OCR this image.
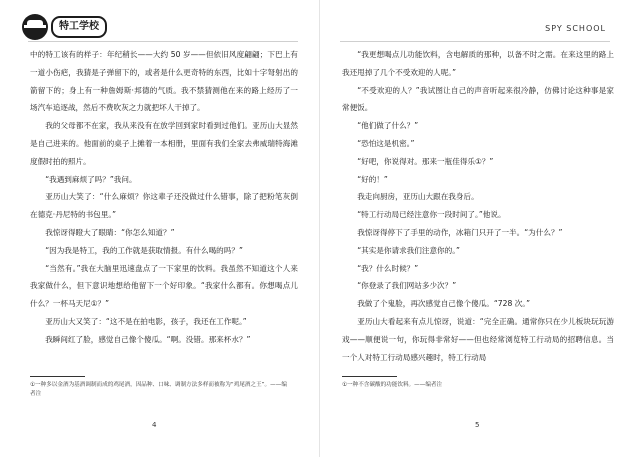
特工学校

中的特工该有的样子：年纪稍长——大约 50 岁——但依旧风度翩翩；下巴上有一道小伤疤，我猜是子弹留下的，或者是什么更奇特的东西，比如十字弩射出的箭留下的；身上有一种詹姆斯·邦德的气质。我不禁猜测他在来的路上经历了一场汽车追逐战，然后不费吹灰之力就把坏人干掉了。

我的父母都不在家，我从来没有在放学回到家时看到过他们。亚历山大显然是自己进来的。他面前的桌子上摊着一本相册，里面有我们全家去弗威瑞特海滩度假时拍的照片。

“我遇到麻烦了吗？”我问。

亚历山大笑了：“什么麻烦？你这辈子还没做过什么错事，除了把粉笔灰倒在德克·丹尼特的书包里。”

我惊讶得瞪大了眼睛：“你怎么知道？”

“因为我是特工，我的工作就是获取情报。有什么喝的吗？”

“当然有。”我在大脑里迅速盘点了一下家里的饮料。我虽然不知道这个人来我家做什么，但下意识地想给他留下一个好印象。“我家什么都有。你想喝点儿什么？一杯马天尼①？”

亚历山大又笑了：“这不是在拍电影，孩子，我还在工作呢。”

我瞬间红了脸，感觉自己像个傻瓜。“啊。没错。那来杯水？”

①一种多以金酒为基酒调制而成的鸡尾酒，因品种、口味、调制方法多样而被称为“鸡尾酒之王”。——编者注
4
SPY SCHOOL

“我更想喝点儿功能饮料，含电解质的那种，以备不时之需。在来这里的路上我还甩掉了几个不受欢迎的人呢。”

“不受欢迎的人？”我试图让自己的声音听起来很冷静，仿佛讨论这种事是家常便饭。

“他们做了什么？”

“恐怕这是机密。”

“好吧，你说得对。那来一瓶佳得乐①？”

“好的！”

我走向厨房，亚历山大跟在我身后。

“特工行动局已经注意你一段时间了。”他说。

我惊讶得停下了手里的动作，冰箱门只开了一半。“为什么？”

“其实是你请求我们注意你的。”

“我？什么时候？”

“你登录了我们网站多少次？”

我做了个鬼脸，再次感觉自己像个傻瓜。“728 次。”

亚历山大看起来有点儿惊讶，说道：“完全正确。通常你只在少儿板块玩玩游戏——顺便说一句，你玩得非常好——但也经常浏览特工行动局的招聘信息。当一个人对特工行动局感兴趣时，特工行动局

①一种不含碳酸的功能饮料。——编者注
5
